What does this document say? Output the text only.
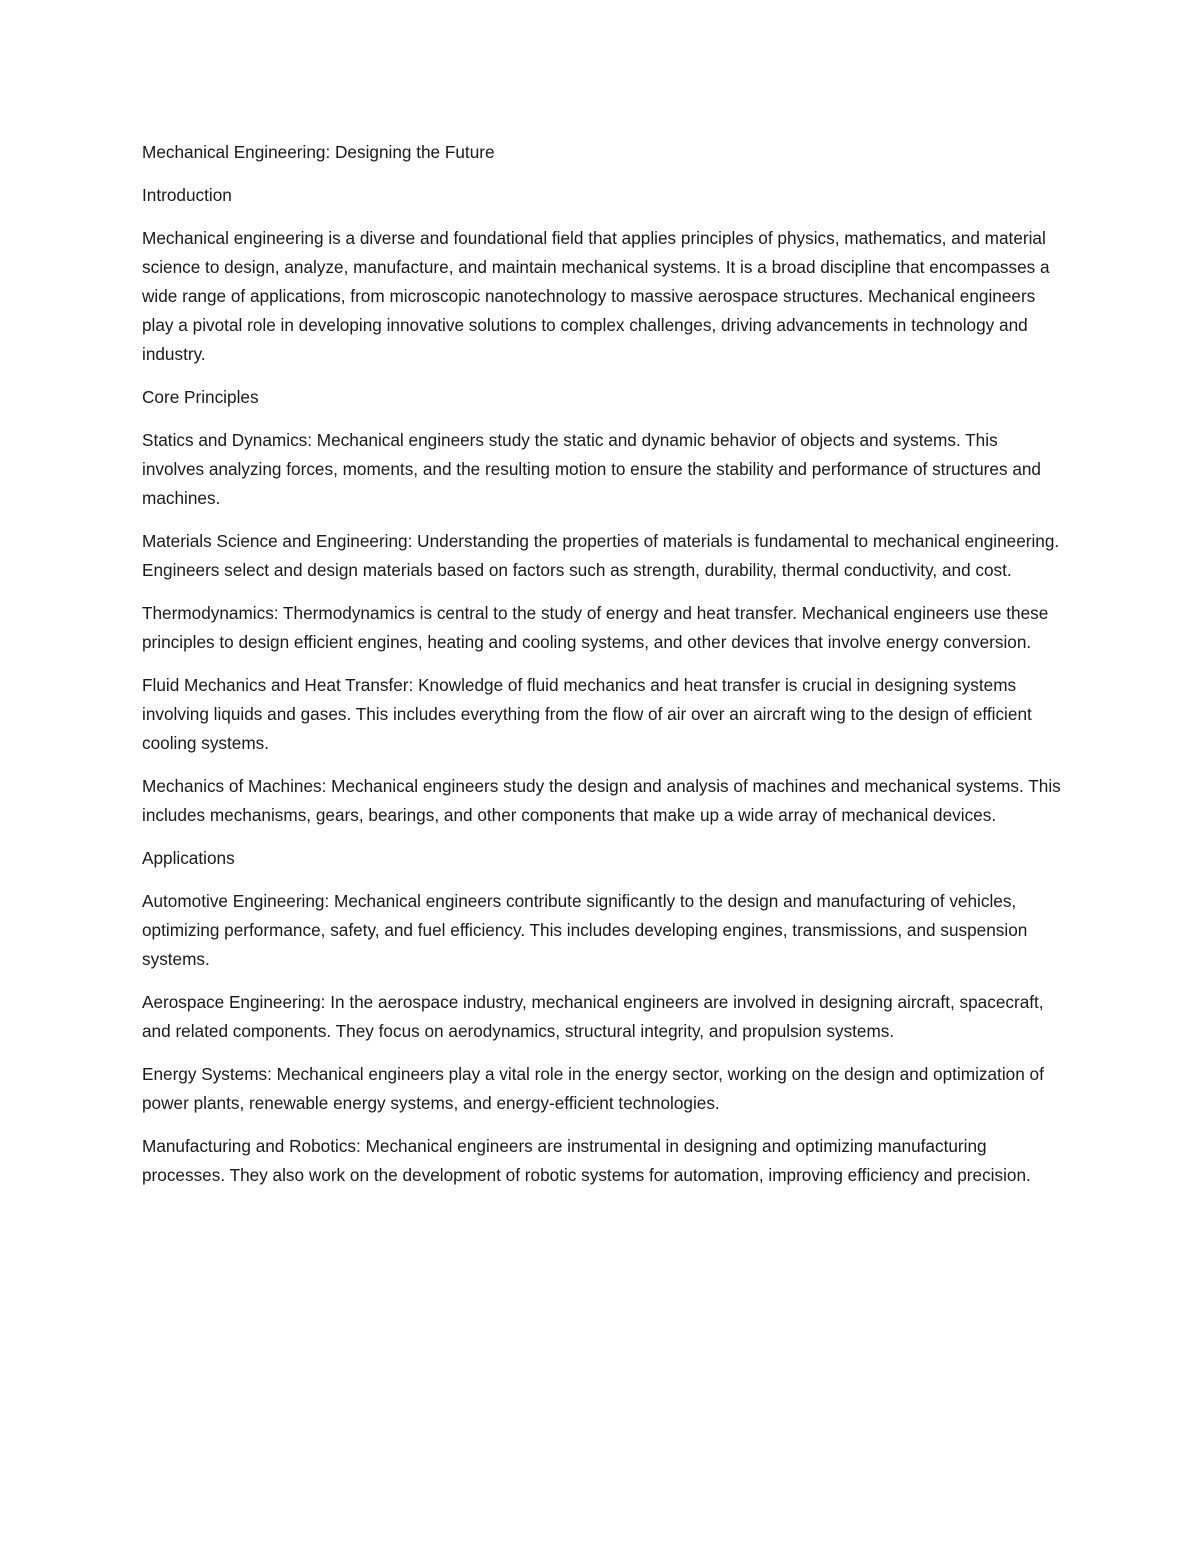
Mechanical Engineering: Designing the Future

Introduction

Mechanical engineering is a diverse and foundational field that applies principles of physics, mathematics, and material science to design, analyze, manufacture, and maintain mechanical systems. It is a broad discipline that encompasses a wide range of applications, from microscopic nanotechnology to massive aerospace structures. Mechanical engineers play a pivotal role in developing innovative solutions to complex challenges, driving advancements in technology and industry.

Core Principles

Statics and Dynamics: Mechanical engineers study the static and dynamic behavior of objects and systems. This involves analyzing forces, moments, and the resulting motion to ensure the stability and performance of structures and machines.

Materials Science and Engineering: Understanding the properties of materials is fundamental to mechanical engineering. Engineers select and design materials based on factors such as strength, durability, thermal conductivity, and cost.

Thermodynamics: Thermodynamics is central to the study of energy and heat transfer. Mechanical engineers use these principles to design efficient engines, heating and cooling systems, and other devices that involve energy conversion.

Fluid Mechanics and Heat Transfer: Knowledge of fluid mechanics and heat transfer is crucial in designing systems involving liquids and gases. This includes everything from the flow of air over an aircraft wing to the design of efficient cooling systems.

Mechanics of Machines: Mechanical engineers study the design and analysis of machines and mechanical systems. This includes mechanisms, gears, bearings, and other components that make up a wide array of mechanical devices.

Applications

Automotive Engineering: Mechanical engineers contribute significantly to the design and manufacturing of vehicles, optimizing performance, safety, and fuel efficiency. This includes developing engines, transmissions, and suspension systems.

Aerospace Engineering: In the aerospace industry, mechanical engineers are involved in designing aircraft, spacecraft, and related components. They focus on aerodynamics, structural integrity, and propulsion systems.

Energy Systems: Mechanical engineers play a vital role in the energy sector, working on the design and optimization of power plants, renewable energy systems, and energy-efficient technologies.

Manufacturing and Robotics: Mechanical engineers are instrumental in designing and optimizing manufacturing processes. They also work on the development of robotic systems for automation, improving efficiency and precision.
